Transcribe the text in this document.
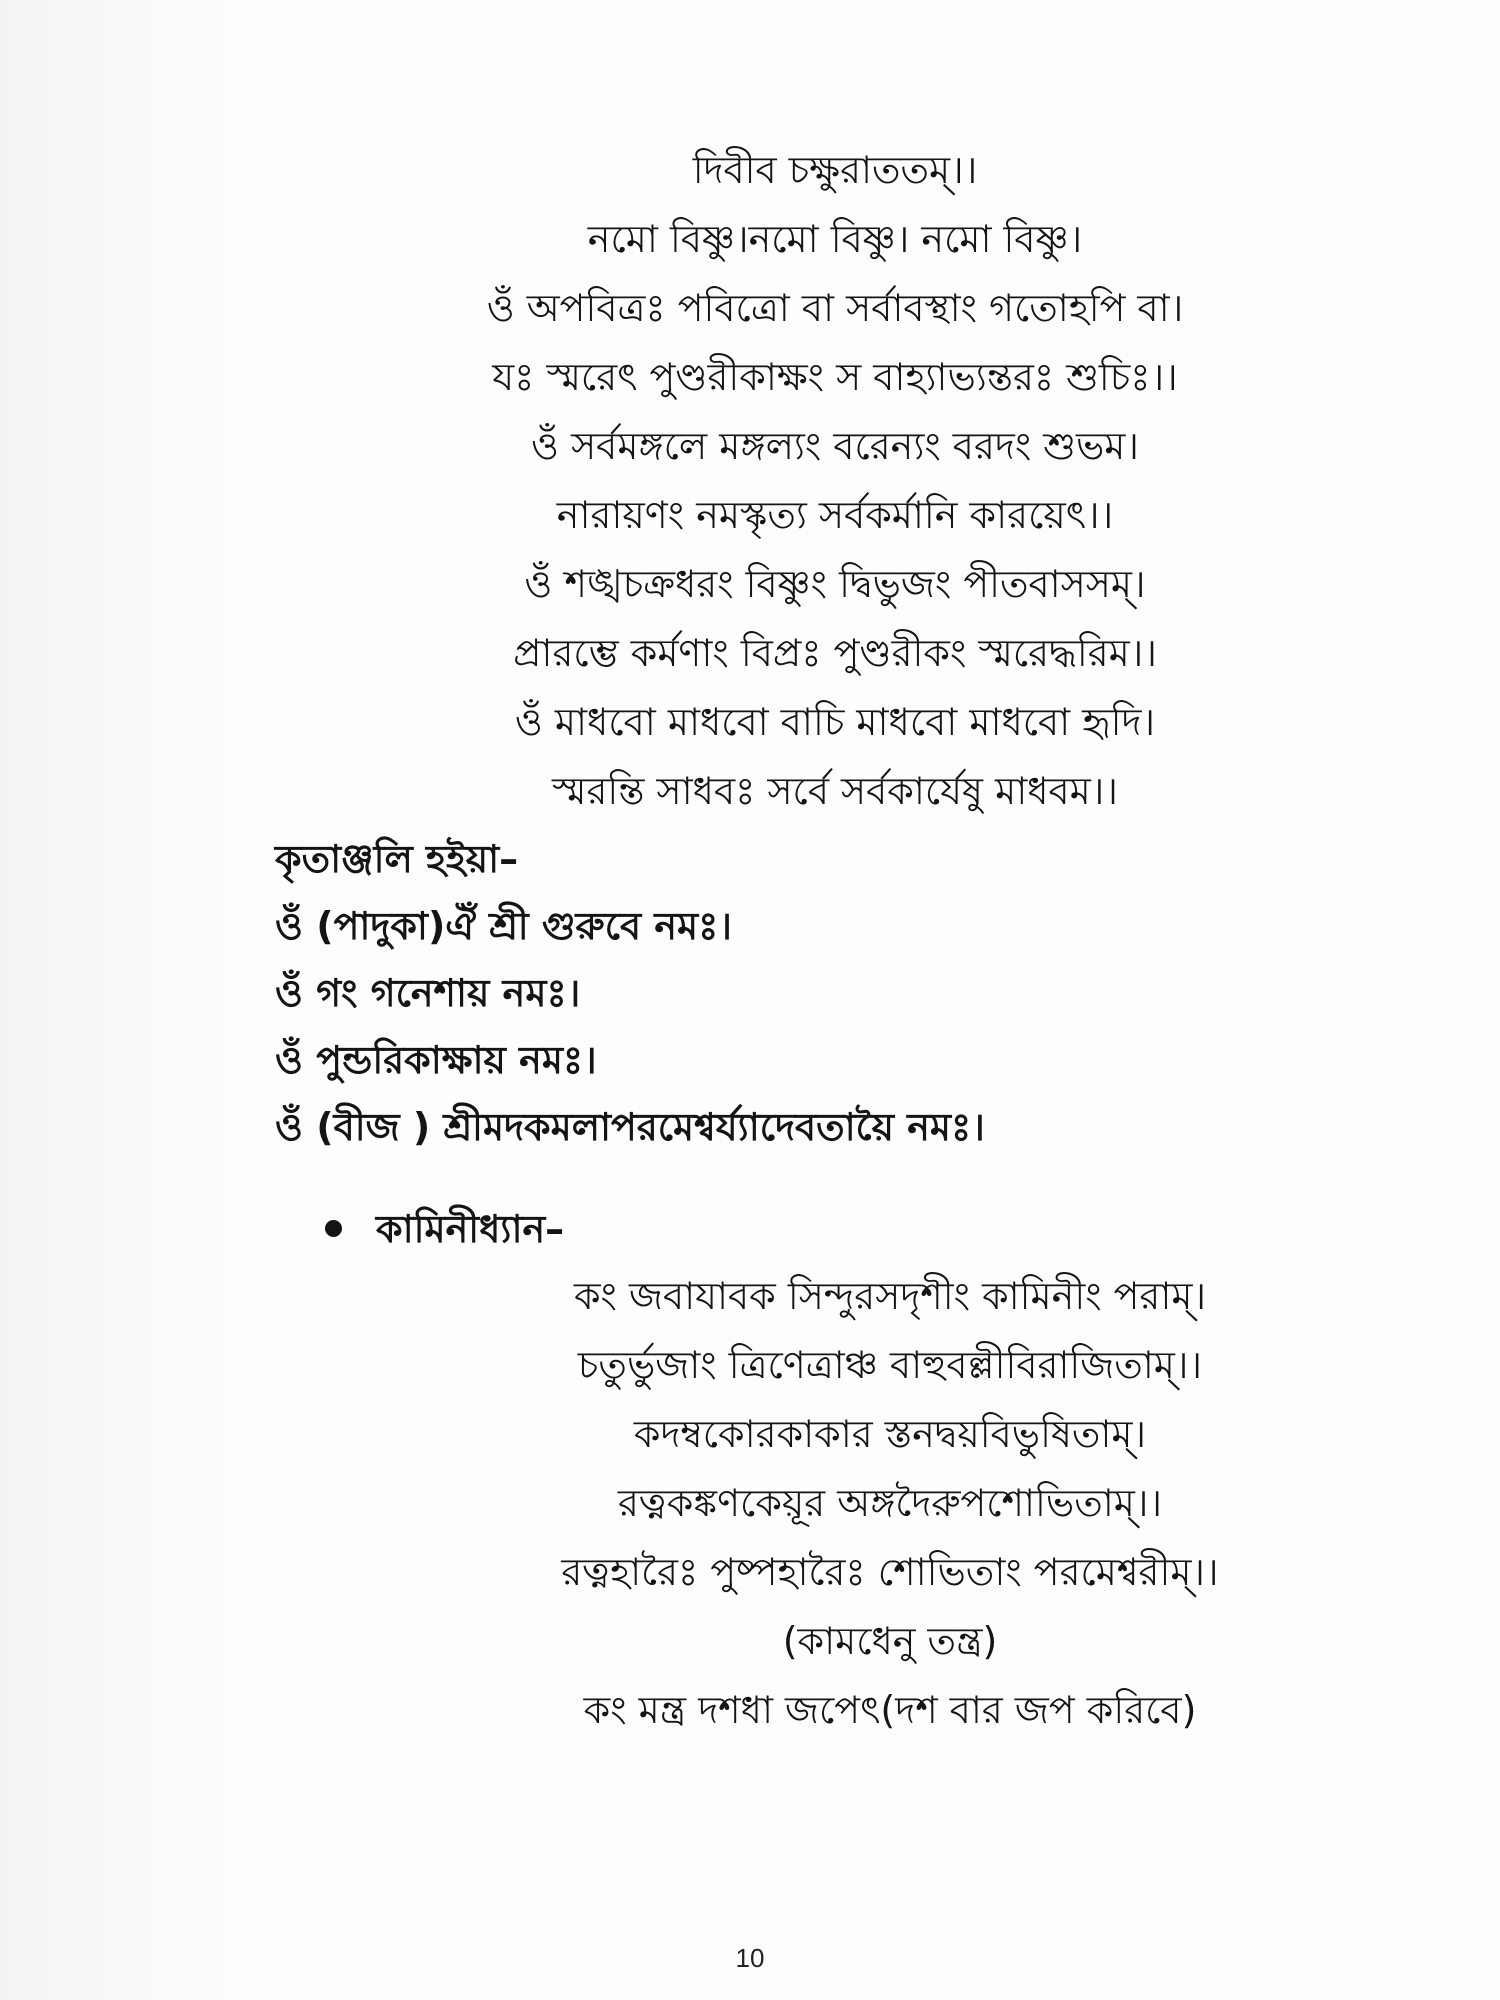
দিবীব চক্ষুরাততম্।।

নমো বিষ্ণু।নমো বিষ্ণু। নমো বিষ্ণু।

ওঁ অপবিত্রঃ পবিত্রো বা সর্বাবস্থাং গতোহপি বা।

যঃ স্মরেৎ পুণ্ডরীকাক্ষং স বাহ্যাভ্যন্তরঃ শুচিঃ।।

ওঁ সর্বমঙ্গলে মঙ্গল্যং বরেন্যং বরদং শুভম।

নারায়ণং নমস্কৃত্য সর্বকর্মানি কারয়েৎ।।

ওঁ শঙ্খচক্রধরং বিষ্ণুং দ্বিভুজং পীতবাসসম্।

প্রারম্ভে কর্মণাং বিপ্রঃ পুণ্ডরীকং স্মরেদ্ধরিম।।

ওঁ মাধবো মাধবো বাচি মাধবো মাধবো হৃদি।

স্মরন্তি সাধবঃ সর্বে সর্বকার্যেষু মাধবম।।

কৃতাঞ্জলি হইয়া–

ওঁ (পাদুকা)ঐঁ শ্রী গুরুবে নমঃ।

ওঁ গং গনেশায় নমঃ।

ওঁ পুন্ডরিকাক্ষায় নমঃ।

ওঁ (বীজ ) শ্রীমদকমলাপরমেশ্বর্য্যাদেবতায়ৈ নমঃ।

কামিনীধ্যান–

কং জবাযাবক সিন্দুরসদৃশীং কামিনীং পরাম্।

চতুর্ভুজাং ত্রিণেত্রাঞ্চ বাহুবল্লীবিরাজিতাম্।।

কদম্বকোরকাকার স্তনদ্বয়বিভুষিতাম্।

রত্নকঙ্কণকেয়ূর অঙ্গদৈরুপশোভিতাম্।।

রত্নহারৈঃ পুষ্পহারৈঃ শোভিতাং পরমেশ্বরীম্।।

(কামধেনু তন্ত্র)

কং মন্ত্র দশধা জপেৎ(দশ বার জপ করিবে)

10
